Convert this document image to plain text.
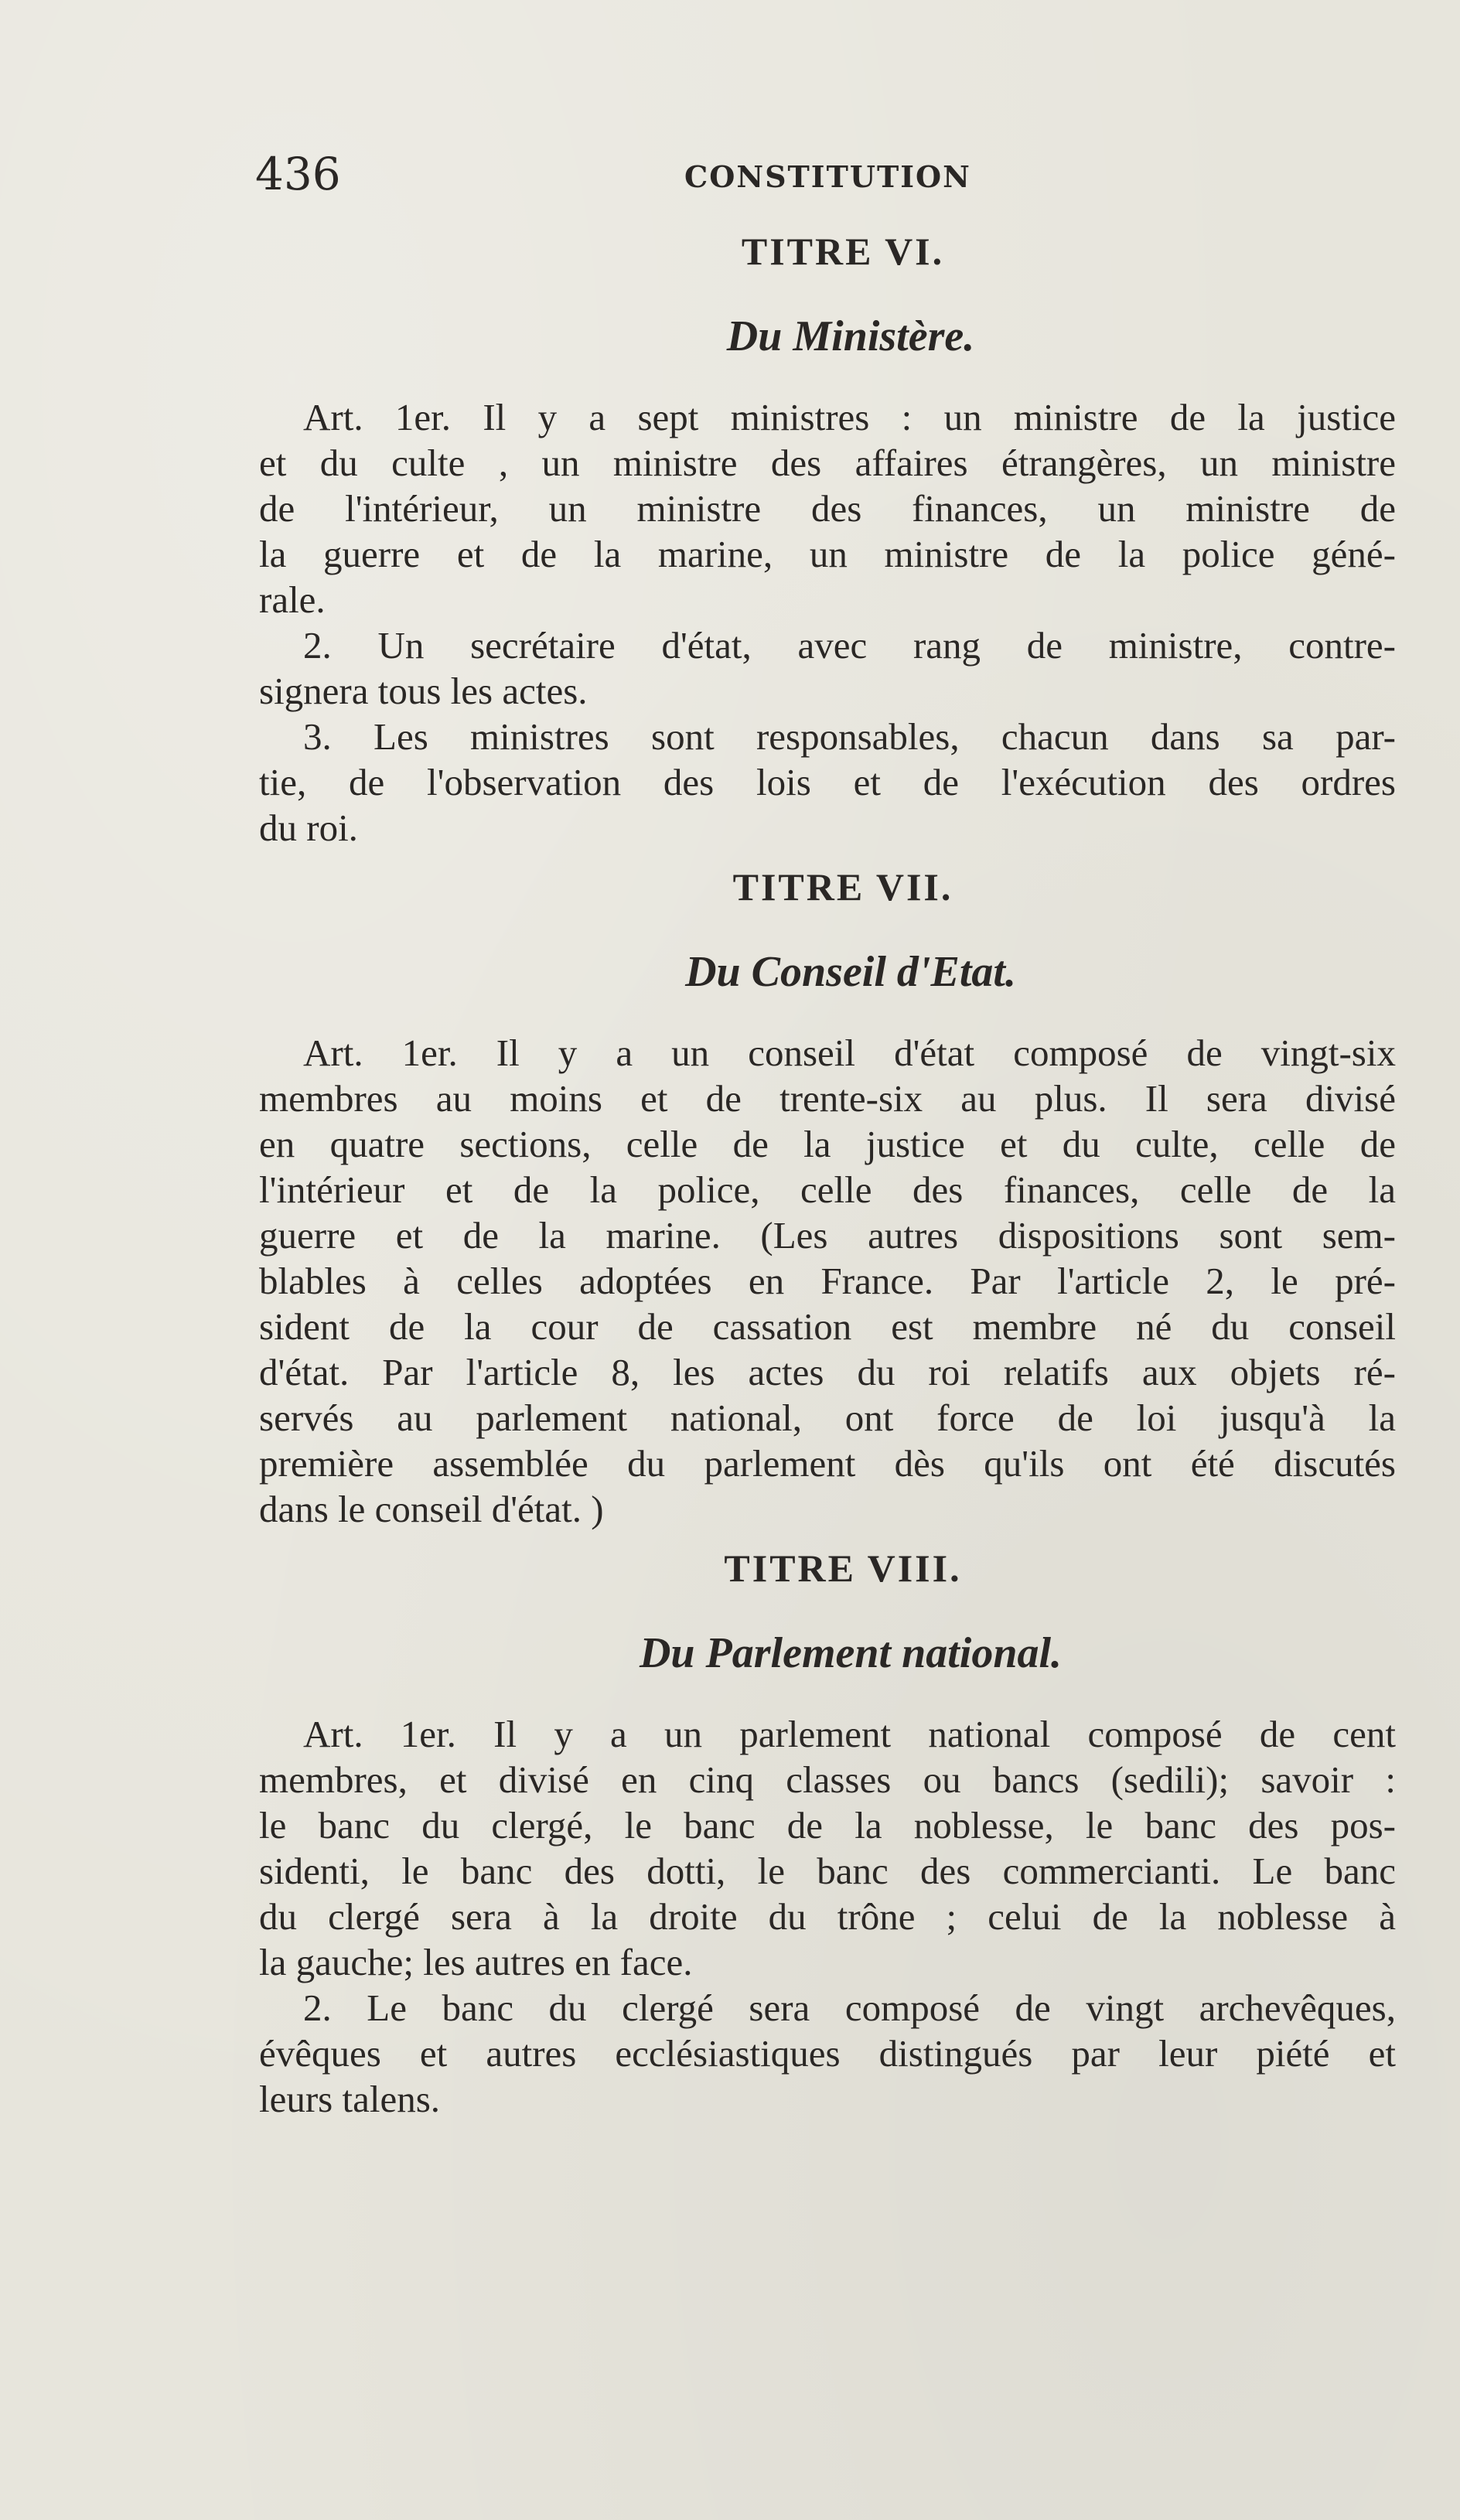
436	CONSTITUTION
TITRE VI.
Du Ministère.
Art. 1er. Il y a sept ministres : un ministre de la justice
et du culte , un ministre des affaires étrangères, un ministre
de l'intérieur, un ministre des finances, un ministre de
la guerre et de la marine, un ministre de la police géné-
rale.
2. Un secrétaire d'état, avec rang de ministre, contre-
signera tous les actes.
3. Les ministres sont responsables, chacun dans sa par-
tie, de l'observation des lois et de l'exécution des ordres
du roi.
TITRE VII.
Du Conseil d'Etat.
Art. 1er. Il y a un conseil d'état composé de vingt-six
membres au moins et de trente-six au plus. Il sera divisé
en quatre sections, celle de la justice et du culte, celle de
l'intérieur et de la police, celle des finances, celle de la
guerre et de la marine. (Les autres dispositions sont sem-
blables à celles adoptées en France. Par l'article 2, le pré-
sident de la cour de cassation est membre né du conseil
d'état. Par l'article 8, les actes du roi relatifs aux objets ré-
servés au parlement national, ont force de loi jusqu'à la
première assemblée du parlement dès qu'ils ont été discutés
dans le conseil d'état. )
TITRE VIII.
Du Parlement national.
Art. 1er. Il y a un parlement national composé de cent
membres, et divisé en cinq classes ou bancs (sedili); savoir :
le banc du clergé, le banc de la noblesse, le banc des pos-
sidenti, le banc des dotti, le banc des commercianti. Le banc
du clergé sera à la droite du trône ; celui de la noblesse à
la gauche; les autres en face.
2. Le banc du clergé sera composé de vingt archevêques,
évêques et autres ecclésiastiques distingués par leur piété et
leurs talens.
